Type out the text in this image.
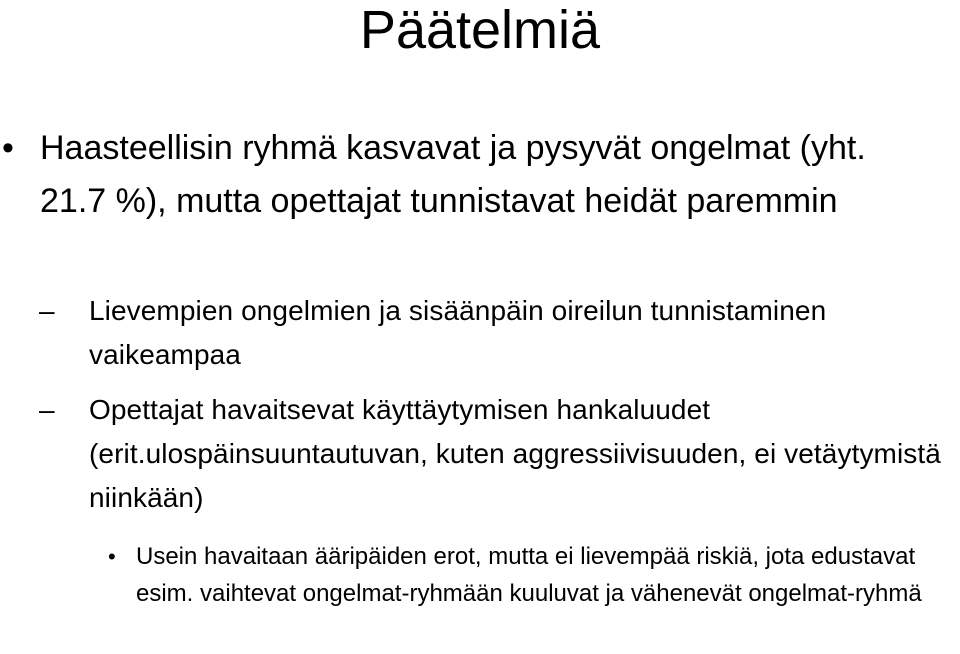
Päätelmiä
• Haasteellisin ryhmä kasvavat ja pysyvät ongelmat (yht. 21.7 %), mutta opettajat tunnistavat heidät paremmin
– Lievempien ongelmien ja sisäänpäin oireilun tunnistaminen vaikeampaa
– Opettajat havaitsevat käyttäytymisen hankaluudet (erit.ulospäinsuuntautuvan, kuten aggressiivisuuden, ei vetäytymistä niinkään)
• Usein havaitaan ääripäiden erot, mutta ei lievempää riskiä, jota edustavat esim. vaihtevat ongelmat-ryhmään kuuluvat ja vähenevät ongelmat-ryhmä
